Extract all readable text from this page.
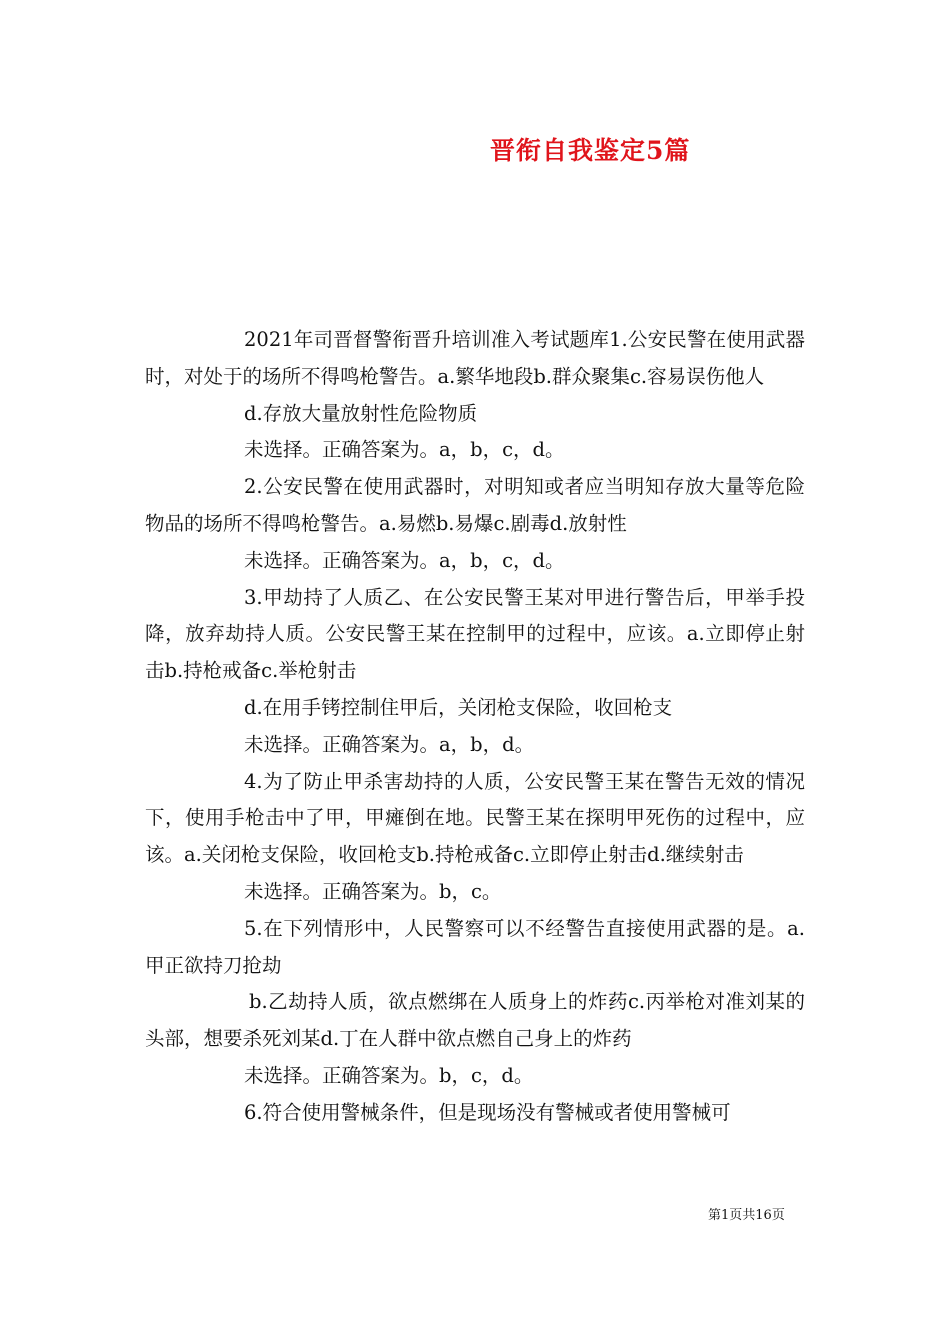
晋衔自我鉴定5篇

2021年司晋督警衔晋升培训准入考试题库1.公安民警在使用武器时，对处于的场所不得鸣枪警告。a.繁华地段b.群众聚集c.容易误伤他人

d.存放大量放射性危险物质

未选择。正确答案为。a，b，c，d。

2.公安民警在使用武器时，对明知或者应当明知存放大量等危险物品的场所不得鸣枪警告。a.易燃b.易爆c.剧毒d.放射性

未选择。正确答案为。a，b，c，d。

3.甲劫持了人质乙、在公安民警王某对甲进行警告后，甲举手投降，放弃劫持人质。公安民警王某在控制甲的过程中，应该。a.立即停止射击b.持枪戒备c.举枪射击

d.在用手铐控制住甲后，关闭枪支保险，收回枪支

未选择。正确答案为。a，b，d。

4.为了防止甲杀害劫持的人质，公安民警王某在警告无效的情况下，使用手枪击中了甲，甲瘫倒在地。民警王某在探明甲死伤的过程中，应该。a.关闭枪支保险，收回枪支b.持枪戒备c.立即停止射击d.继续射击

未选择。正确答案为。b，c。

5.在下列情形中，人民警察可以不经警告直接使用武器的是。a.甲正欲持刀抢劫

b.乙劫持人质，欲点燃绑在人质身上的炸药c.丙举枪对准刘某的头部，想要杀死刘某d.丁在人群中欲点燃自己身上的炸药

未选择。正确答案为。b，c，d。

6.符合使用警械条件，但是现场没有警械或者使用警械可

第1页共16页
